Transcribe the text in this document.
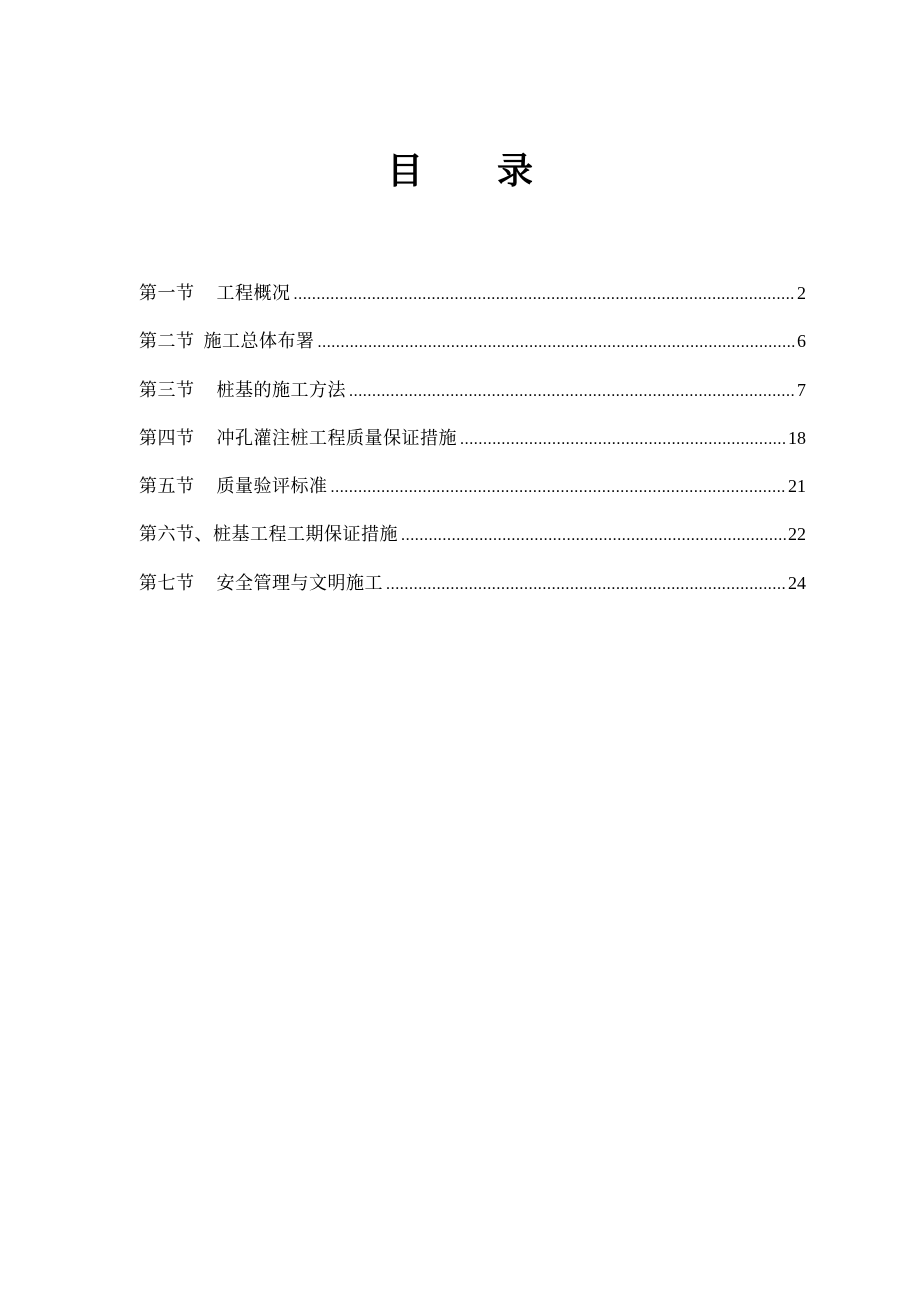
目 录
第一节 工程概况 .....	2
第二节 施工总体布署 .....	6
第三节 桩基的施工方法 .....	7
第四节 冲孔灌注桩工程质量保证措施 .....	18
第五节 质量验评标准 .....	21
第六节、桩基工程工期保证措施 .....	22
第七节 安全管理与文明施工 .....	24
